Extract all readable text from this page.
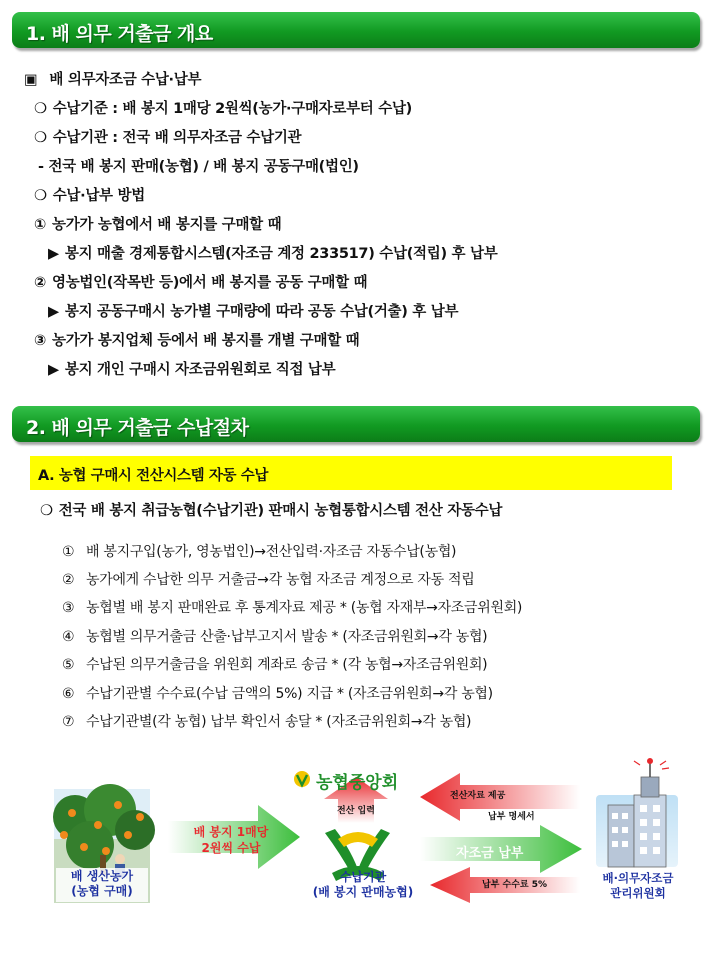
1. 배 의무 거출금 개요
▣ 배 의무자조금 수납·납부
❍ 수납기준 : 배 봉지 1매당 2원씩(농가·구매자로부터 수납)
❍ 수납기관 : 전국 배 의무자조금 수납기관
- 전국 배 봉지 판매(농협) / 배 봉지 공동구매(법인)
❍ 수납·납부 방법
① 농가가 농협에서 배 봉지를 구매할 때
▶ 봉지 매출 경제통합시스템(자조금 계정 233517) 수납(적립) 후 납부
② 영농법인(작목반 등)에서 배 봉지를 공동 구매할 때
▶ 봉지 공동구매시 농가별 구매량에 따라 공동 수납(거출) 후 납부
③ 농가가 봉지업체 등에서 배 봉지를 개별 구매할 때
▶ 봉지 개인 구매시 자조금위원회로 직접 납부
2. 배 의무 거출금 수납절차
A. 농협 구매시 전산시스템 자동 수납
❍ 전국 배 봉지 취급농협(수납기관) 판매시 농협통합시스템 전산 자동수납
① 배 봉지구입(농가, 영농법인)→전산입력·자조금 자동수납(농협)
② 농가에게 수납한 의무 거출금→각 농협 자조금 계정으로 자동 적립
③ 농협별 배 봉지 판매완료 후 통계자료 제공 * (농협 자재부→자조금위원회)
④ 농협별 의무거출금 산출·납부고지서 발송 * (자조금위원회→각 농협)
⑤ 수납된 의무거출금을 위원회 계좌로 송금 * (각 농협→자조금위원회)
⑥ 수납기관별 수수료(수납 금액의 5%) 지급 * (자조금위원회→각 농협)
⑦ 수납기관별(각 농협) 납부 확인서 송달 * (자조금위원회→각 농협)
배 생산농가
(농협 구매)
배 봉지 1매당
2원씩 수납
농협중앙회
전산 입력
수납기관
(배 봉지 판매농협)
전산자료 제공
납부 명세서
자조금 납부
납부 수수료 5%	배·의무자조금
관리위원회
